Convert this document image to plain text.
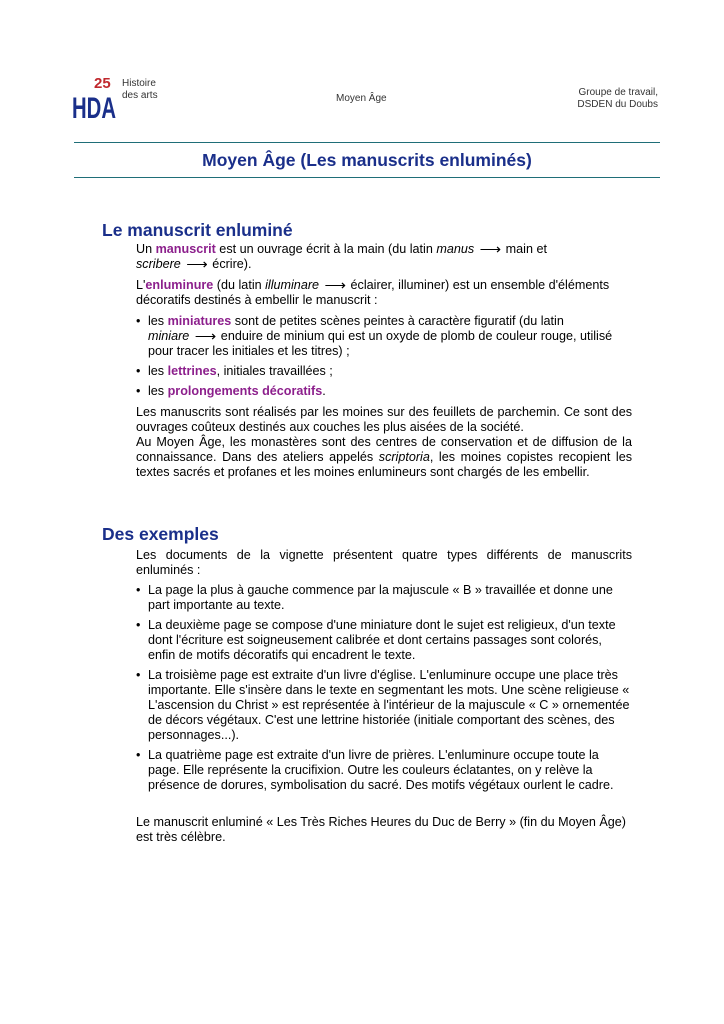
25
HDA
Histoire
des arts	Moyen Âge
Groupe de travail,
DSDEN du Doubs
Moyen Âge (Les manuscrits enluminés)
Le manuscrit enluminé
Un manuscrit est un ouvrage écrit à la main (du latin manus ⟶ main et
scribere ⟶ écrire).
L'enluminure (du latin illuminare ⟶ éclairer, illuminer) est un ensemble d'éléments décoratifs destinés à embellir le manuscrit :
• les miniatures sont de petites scènes peintes à caractère figuratif (du latin
miniare ⟶ enduire de minium qui est un oxyde de plomb de couleur rouge, utilisé pour tracer les initiales et les titres) ;
• les lettrines, initiales travaillées ;
• les prolongements décoratifs.
Les manuscrits sont réalisés par les moines sur des feuillets de parchemin. Ce sont des ouvrages coûteux destinés aux couches les plus aisées de la société.
Au Moyen Âge, les monastères sont des centres de conservation et de diffusion de la connaissance. Dans des ateliers appelés scriptoria, les moines copistes recopient les textes sacrés et profanes et les moines enlumineurs sont chargés de les embellir.
Des exemples
Les documents de la vignette présentent quatre types différents de manuscrits enluminés :
• La page la plus à gauche commence par la majuscule « B » travaillée et donne une part importante au texte.
• La deuxième page se compose d'une miniature dont le sujet est religieux, d'un texte dont l'écriture est soigneusement calibrée et dont certains passages sont colorés, enfin de motifs décoratifs qui encadrent le texte.
• La troisième page est extraite d'un livre d'église. L'enluminure occupe une place très importante. Elle s'insère dans le texte en segmentant les mots. Une scène religieuse « L'ascension du Christ » est représentée à l'intérieur de la majuscule « C » ornementée de décors végétaux. C'est une lettrine historiée (initiale comportant des scènes, des personnages...).
• La quatrième page est extraite d'un livre de prières. L'enluminure occupe toute la page. Elle représente la crucifixion. Outre les couleurs éclatantes, on y relève la présence de dorures, symbolisation du sacré. Des motifs végétaux ourlent le cadre.
Le manuscrit enluminé « Les Très Riches Heures du Duc de Berry » (fin du Moyen Âge) est très célèbre.
